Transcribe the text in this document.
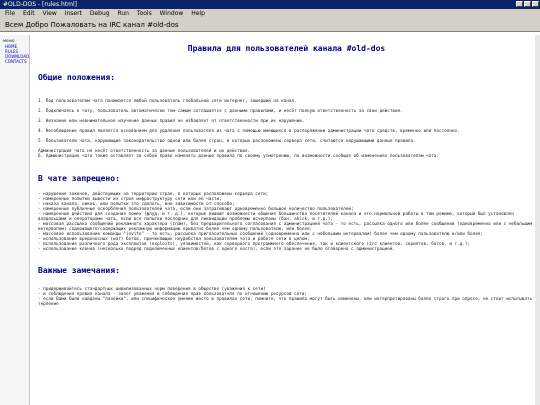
#OLD-DOS - [rules.html]
File Edit View Insert Debug Run Tools Window Help
Всем Добро Пожаловать на IRC канал #old-dos
меню
HOME
RULES
DOWNLOAD
CONTACTS
Правила для пользователей канала #old-dos
Общие положения:

1. Под пользователем чата понимается любой пользователь глобальной сети интернет, зашедший на канал.

2. Подключаясь к чату, пользователь автоматически тем самым соглашается с данными правилами, и несёт полную ответственность за свои действия.

3. Незнание или невнимательное изучение данных правил не избавляет от ответственности при их нарушении.

4. Несоблюдение правил является основанием для удаления пользователя из чата с помощью имеющихся в распоряжении администрации чата средств, временно или постоянно.

5. Пользователи чата, нарушающие законодательство одной или более стран, в которых расположены сервера сети, считаются нарушающими данные правила.

Администрация чата не несёт ответственность за данные пользователей и их действия.

6. Администрация чата также оставляет за собой право изменять данные правила по своему усмотрению, по возможности сообщая об изменениях пользователям чата.

В чате запрещено:

- нарушение законов, действующих на территории стран, в которых расположены сервера сети;

- намеренные попытки вывести из строя инфраструктуру сети или ее части;

- наказа канала, ников, или попытки это сделать, вне зависимости от способа;

- намеренные публичные оскорбления пользователей чата, если они затрагивают одновременно большое количество пользователей;

- намеренные действия для создания помех (флуд, и т. д.), которые лишают возможности общения большинства посетителей канала и его нормальной работы в том режиме, который был установлен владельцами и операторами чата, если все попытки последних для ликвидации проблемы исчерпаны (бан, akick, и т.д.);

- массовая рассылка сообщений рекламного характера (спам), без предварительного согласования с администрацией чата - то есть, рассылка одного или более сообщений (одновременно или с небольшим интервалом) содержащего/содержащих рекламную информацию приватно более чем одному пользователю, или более;

- массовое использование команды "invite" - то есть, рассылка пригласительных сообщений (одновременно или с небольшим интервалом) более чем одному пользователю и/или более;

- использование вредоносных (war) ботов, причиняющих неудобства пользователям чата и работе сети в целом;

- использование различного рода эксплоитов (exploits), уязвимостей, как серверного программного обеспечения, так и клиентского (irc клиентов, скриптов, ботов, и т.д.);

- использование клонов (несколько подряд подключенных клиентов/ботов с одного хоста), если это заранее не было оговорено с администрацией.

Важные замечания:

- придерживайтесь стандартных цивилизованных норм поведения в обществе (уважения к сети)

- и соблюдения правил канала - залог уважения и соблюдения прав пользователя по отношению ресурсов сети;

- если Вами были найдены "лазейки", или специфическое умение жесто в правилах сети, помните, что правила могут быть изменены, или интерпретированы более строго при опросе, не стоит испытывать терпение
